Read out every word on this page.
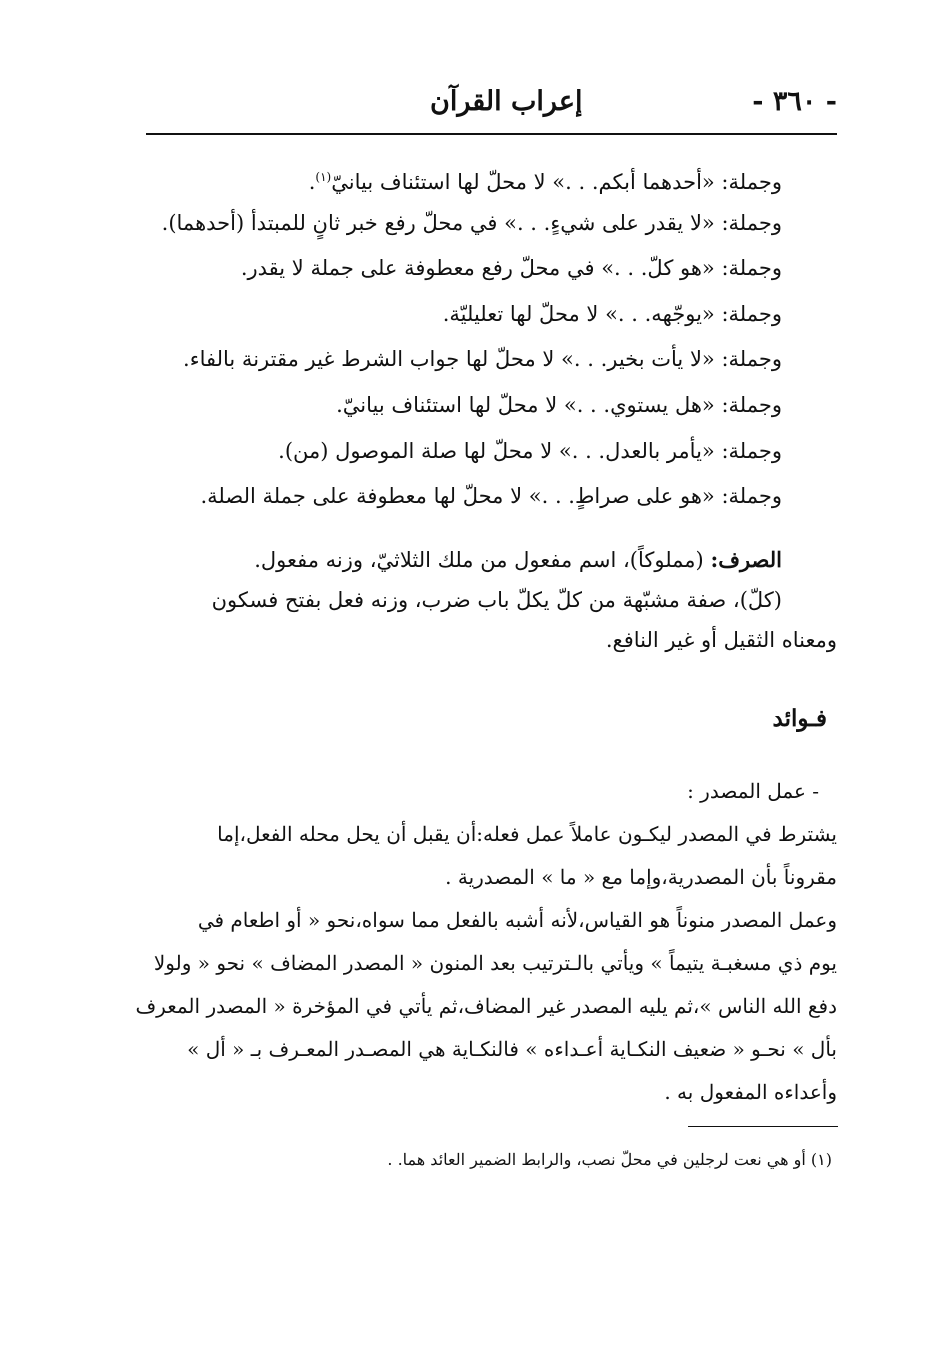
- ٣٦٠ -
إعراب القرآن
وجملة: «أحدهما أبكم. . .» لا محلّ لها استئناف بيانيّ$^{(١)}$.
وجملة: «لا يقدر على شيءٍ. . .» في محلّ رفع خبر ثانٍ للمبتدأ (أحدهما).
وجملة: «هو كلّ. . .» في محلّ رفع معطوفة على جملة لا يقدر.
وجملة: «يوجّهه. . .» لا محلّ لها تعليليّة.
وجملة: «لا يأت بخير. . .» لا محلّ لها جواب الشرط غير مقترنة بالفاء.
وجملة: «هل يستوي. . .» لا محلّ لها استئناف بيانيّ.
وجملة: «يأمر بالعدل. . .» لا محلّ لها صلة الموصول (من).
وجملة: «هو على صراطٍ. . .» لا محلّ لها معطوفة على جملة الصلة.
الصرف: (مملوكاً)، اسم مفعول من ملك الثلاثيّ، وزنه مفعول.
(كلّ)، صفة مشبّهة من كلّ يكلّ باب ضرب، وزنه فعل بفتح فسكون
ومعناه الثقيل أو غير النافع.
فـوائد
- عمل المصدر :
يشترط في المصدر ليكـون عاملاً عمل فعله:أن يقبل أن يحل محله الفعل،إما
مقروناً بأن المصدرية،وإما مع « ما » المصدرية .
وعمل المصدر منوناً هو القياس،لأنه أشبه بالفعل مما سواه،نحو « أو اطعام في
يوم ذي مسغبـة يتيماً » ويأتي بالـترتيب بعد المنون « المصدر المضاف » نحو « ولولا
دفع الله الناس »،ثم يليه المصدر غير المضاف،ثم يأتي في المؤخرة « المصدر المعرف
بأل » نحـو « ضعيف النكـاية أعـداءه » فالنكـاية هي المصـدر المعـرف بـ « أل »
وأعداءه المفعول به .
(١) أو هي نعت لرجلين في محلّ نصب، والرابط الضمير العائد هما. .
